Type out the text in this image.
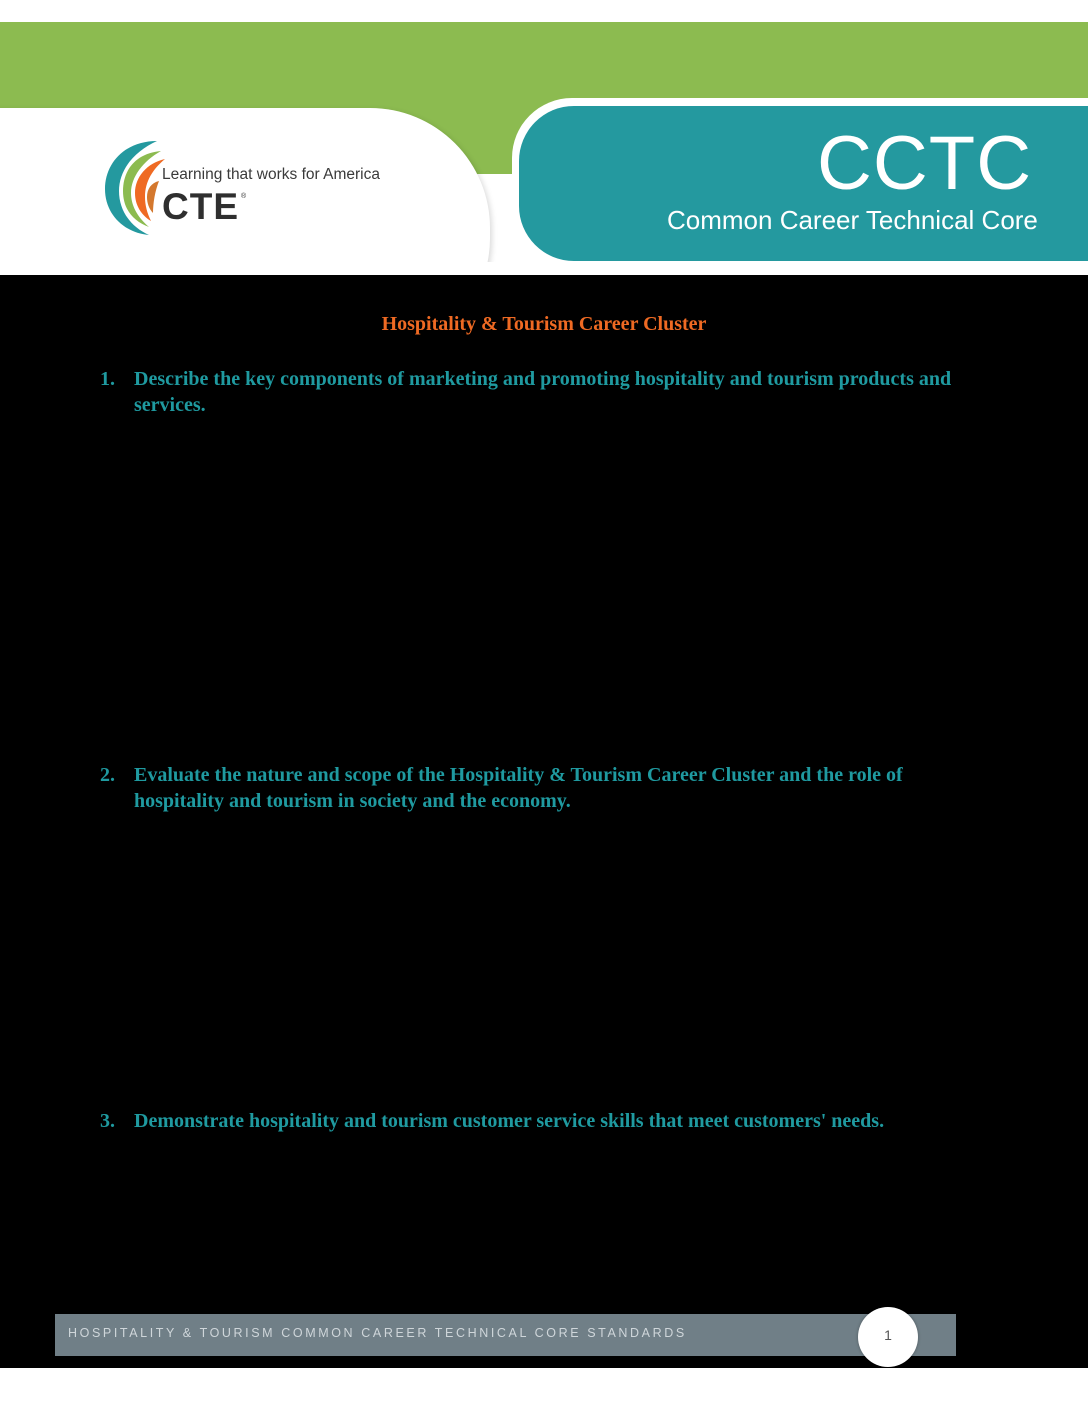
Learning that works for America
CTE ®	CCTC
Common Career Technical Core
Hospitality & Tourism Career Cluster
1. Describe the key components of marketing and promoting hospitality and tourism products and services.
2. Evaluate the nature and scope of the Hospitality & Tourism Career Cluster and the role of hospitality and tourism in society and the economy.
3. Demonstrate hospitality and tourism customer service skills that meet customers' needs.
HOSPITALITY & TOURISM COMMON CAREER TECHNICAL CORE STANDARDS	1
